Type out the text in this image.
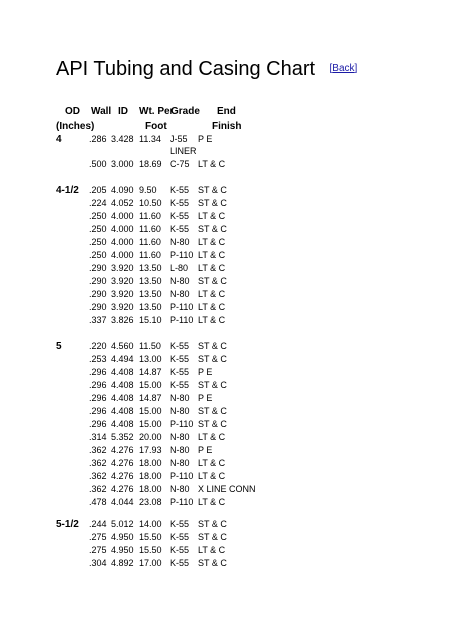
API Tubing and Casing Chart [Back]
OD
(Inches)
Wall ID Wt. Per
Foot
Grade End
Finish
4	.286 3.428 11.34 J-55 P E
LINER
.500 3.000 18.69 C-75 LT & C
4-1/2 .205 4.090 9.50 K-55 ST & C
.224 4.052 10.50 K-55 ST & C
.250 4.000 11.60 K-55 LT & C
.250 4.000 11.60 K-55 ST & C
.250 4.000 11.60 N-80 LT & C
.250 4.000 11.60 P-110 LT & C
.290 3.920 13.50 L-80 LT & C
.290 3.920 13.50 N-80 ST & C
.290 3.920 13.50 N-80 LT & C
.290 3.920 13.50 P-110 LT & C
.337 3.826 15.10 P-110 LT & C
5	.220 4.560 11.50 K-55 ST & C
.253 4.494 13.00 K-55 ST & C
.296 4.408 14.87 K-55 P E
.296 4.408 15.00 K-55 ST & C
.296 4.408 14.87 N-80 P E
.296 4.408 15.00 N-80 ST & C
.296 4.408 15.00 P-110 ST & C
.314 5.352 20.00 N-80 LT & C
.362 4.276 17.93 N-80 P E
.362 4.276 18.00 N-80 LT & C
.362 4.276 18.00 P-110 LT & C
.362 4.276 18.00 N-80 X LINE CONN
.478 4.044 23.08 P-110 LT & C
5-1/2 .244 5.012 14.00 K-55 ST & C
.275 4.950 15.50 K-55 ST & C
.275 4.950 15.50 K-55 LT & C
.304 4.892 17.00 K-55 ST & C
